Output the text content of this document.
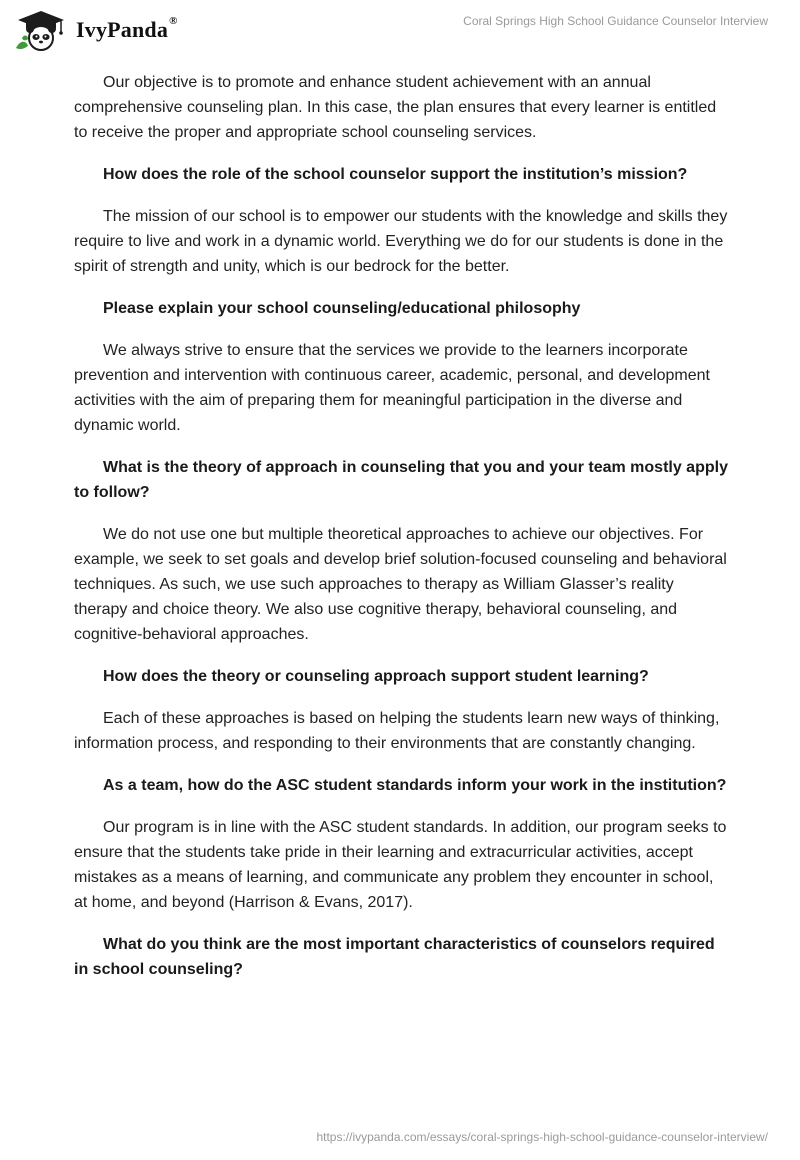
IvyPanda®	Coral Springs High School Guidance Counselor Interview

Our objective is to promote and enhance student achievement with an annual comprehensive counseling plan. In this case, the plan ensures that every learner is entitled to receive the proper and appropriate school counseling services.

How does the role of the school counselor support the institution’s mission?

The mission of our school is to empower our students with the knowledge and skills they require to live and work in a dynamic world. Everything we do for our students is done in the spirit of strength and unity, which is our bedrock for the better.

Please explain your school counseling/educational philosophy

We always strive to ensure that the services we provide to the learners incorporate prevention and intervention with continuous career, academic, personal, and development activities with the aim of preparing them for meaningful participation in the diverse and dynamic world.

What is the theory of approach in counseling that you and your team mostly apply to follow?

We do not use one but multiple theoretical approaches to achieve our objectives. For example, we seek to set goals and develop brief solution-focused counseling and behavioral techniques. As such, we use such approaches to therapy as William Glasser’s reality therapy and choice theory. We also use cognitive therapy, behavioral counseling, and cognitive-behavioral approaches.

How does the theory or counseling approach support student learning?

Each of these approaches is based on helping the students learn new ways of thinking, information process, and responding to their environments that are constantly changing.

As a team, how do the ASC student standards inform your work in the institution?

Our program is in line with the ASC student standards. In addition, our program seeks to ensure that the students take pride in their learning and extracurricular activities, accept mistakes as a means of learning, and communicate any problem they encounter in school, at home, and beyond (Harrison & Evans, 2017).

What do you think are the most important characteristics of counselors required in school counseling?

https://ivypanda.com/essays/coral-springs-high-school-guidance-counselor-interview/
